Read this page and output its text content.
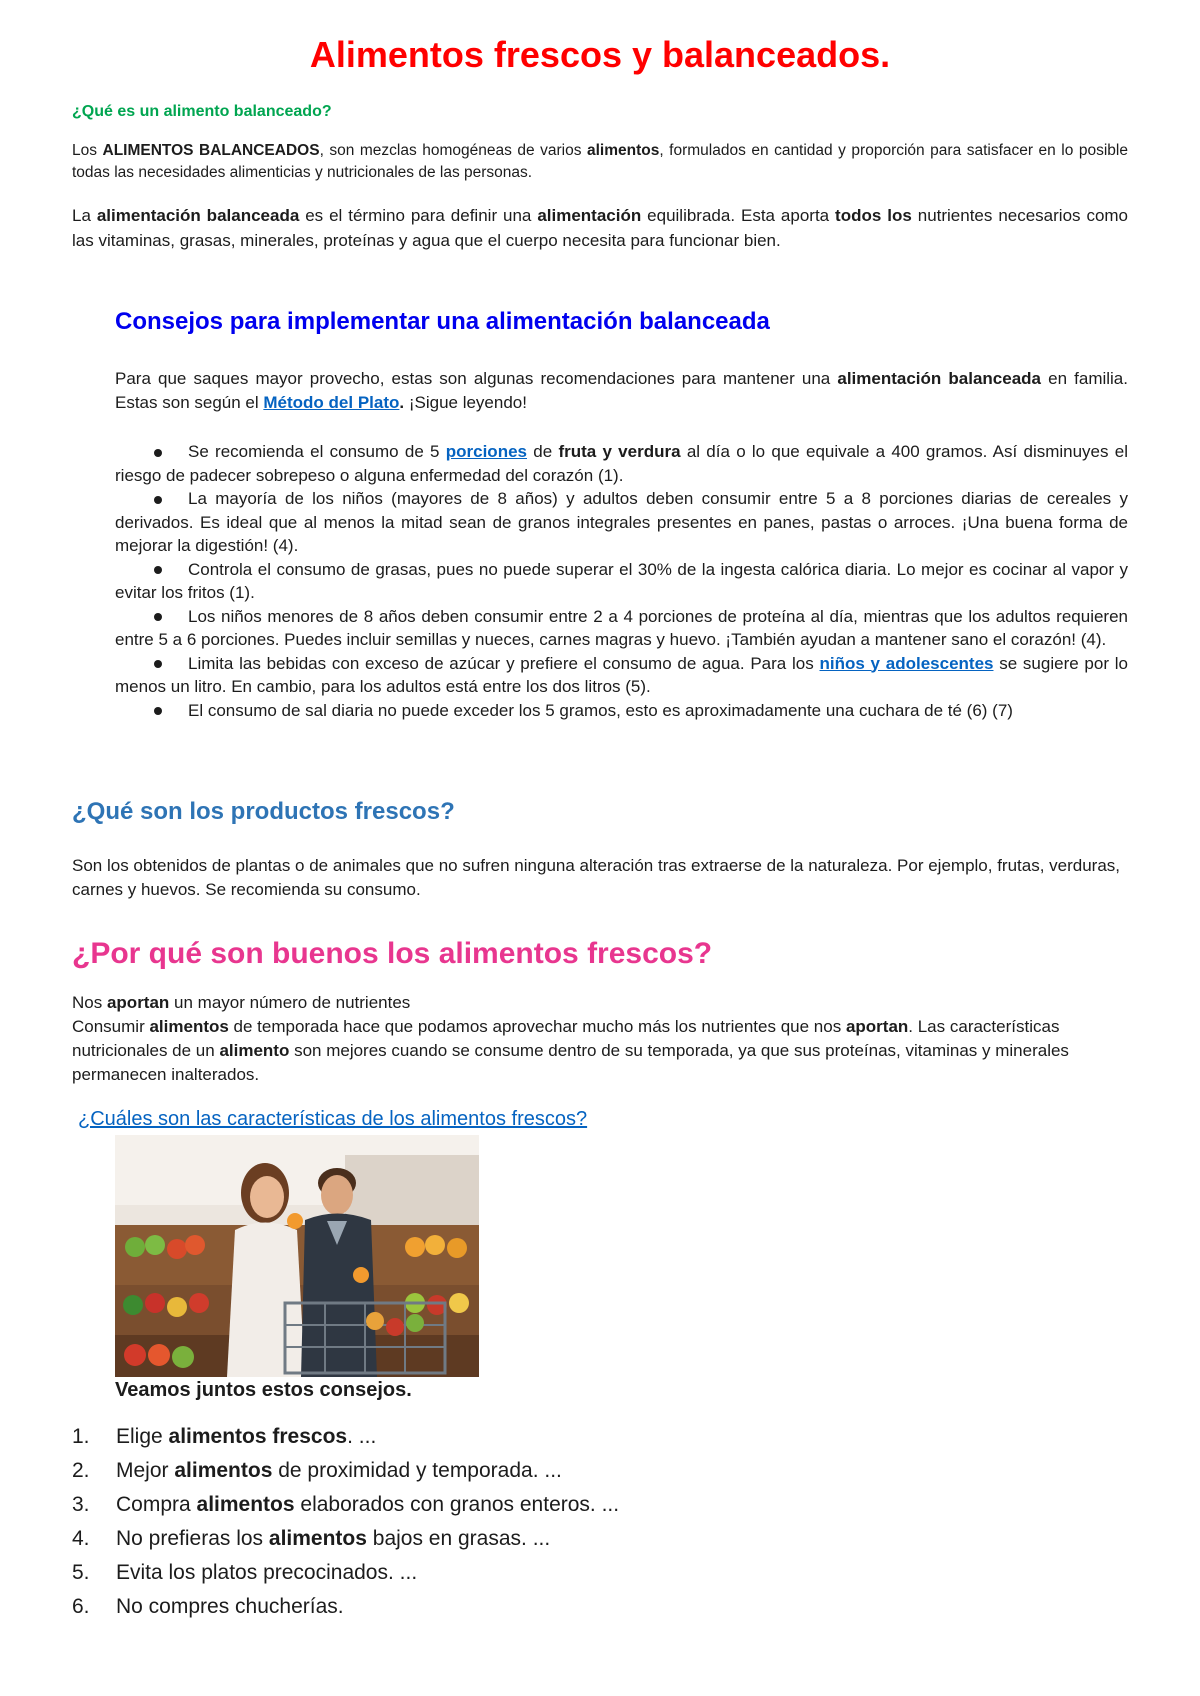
Alimentos frescos y balanceados.

¿Qué es un alimento balanceado?

Los ALIMENTOS BALANCEADOS, son mezclas homogéneas de varios alimentos, formulados en cantidad y proporción para satisfacer en lo posible todas las necesidades alimenticias y nutricionales de las personas.

La alimentación balanceada es el término para definir una alimentación equilibrada. Esta aporta todos los nutrientes necesarios como las vitaminas, grasas, minerales, proteínas y agua que el cuerpo necesita para funcionar bien.

Consejos para implementar una alimentación balanceada

Para que saques mayor provecho, estas son algunas recomendaciones para mantener una alimentación balanceada en familia. Estas son según el Método del Plato. ¡Sigue leyendo!

Se recomienda el consumo de 5 porciones de fruta y verdura al día o lo que equivale a 400 gramos. Así disminuyes el riesgo de padecer sobrepeso o alguna enfermedad del corazón (1).
La mayoría de los niños (mayores de 8 años) y adultos deben consumir entre 5 a 8 porciones diarias de cereales y derivados. Es ideal que al menos la mitad sean de granos integrales presentes en panes, pastas o arroces. ¡Una buena forma de mejorar la digestión! (4).
Controla el consumo de grasas, pues no puede superar el 30% de la ingesta calórica diaria. Lo mejor es cocinar al vapor y evitar los fritos (1).
Los niños menores de 8 años deben consumir entre 2 a 4 porciones de proteína al día, mientras que los adultos requieren entre 5 a 6 porciones. Puedes incluir semillas y nueces, carnes magras y huevo. ¡También ayudan a mantener sano el corazón! (4).
Limita las bebidas con exceso de azúcar y prefiere el consumo de agua. Para los niños y adolescentes se sugiere por lo menos un litro. En cambio, para los adultos está entre los dos litros (5).
El consumo de sal diaria no puede exceder los 5 gramos, esto es aproximadamente una cuchara de té (6) (7)
¿Qué son los productos frescos?

Son los obtenidos de plantas o de animales que no sufren ninguna alteración tras extraerse de la naturaleza. Por ejemplo, frutas, verduras, carnes y huevos. Se recomienda su consumo.

¿Por qué son buenos los alimentos frescos?

Nos aportan un mayor número de nutrientes
Consumir alimentos de temporada hace que podamos aprovechar mucho más los nutrientes que nos aportan. Las características nutricionales de un alimento son mejores cuando se consume dentro de su temporada, ya que sus proteínas, vitaminas y minerales permanecen inalterados.

¿Cuáles son las características de los alimentos frescos?

Veamos juntos estos consejos.

1. Elige alimentos frescos. ...
2. Mejor alimentos de proximidad y temporada. ...
3. Compra alimentos elaborados con granos enteros. ...
4. No prefieras los alimentos bajos en grasas. ...
5. Evita los platos precocinados. ...
6. No compres chucherías.
